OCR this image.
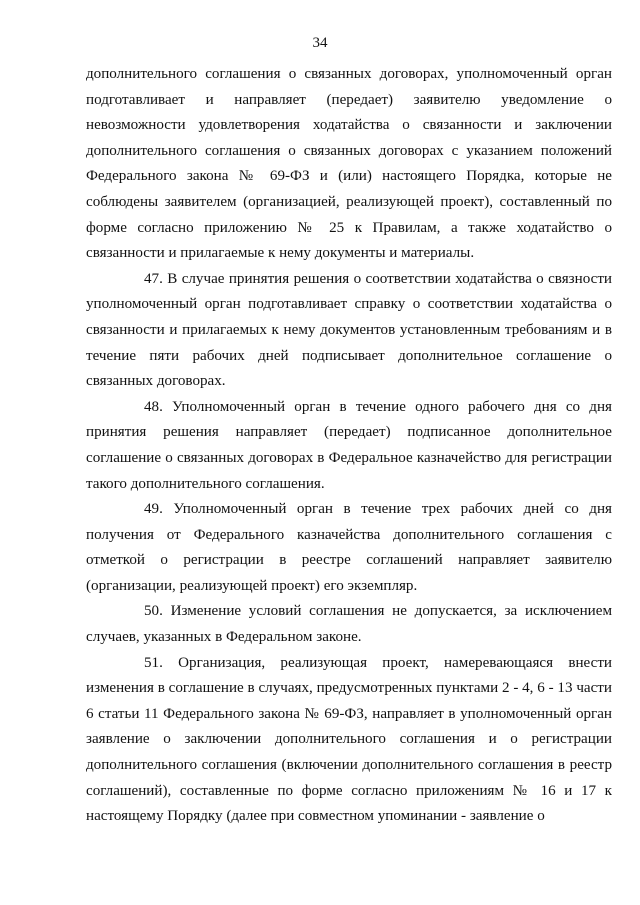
34

дополнительного соглашения о связанных договорах, уполномоченный орган подготавливает и направляет (передает) заявителю уведомление о невозможности удовлетворения ходатайства о связанности и заключении дополнительного соглашения о связанных договорах с указанием положений Федерального закона № 69-ФЗ и (или) настоящего Порядка, которые не соблюдены заявителем (организацией, реализующей проект), составленный по форме согласно приложению № 25 к Правилам, а также ходатайство о связанности и прилагаемые к нему документы и материалы.

47. В случае принятия решения о соответствии ходатайства о связности уполномоченный орган подготавливает справку о соответствии ходатайства о связанности и прилагаемых к нему документов установленным требованиям и в течение пяти рабочих дней подписывает дополнительное соглашение о связанных договорах.

48. Уполномоченный орган в течение одного рабочего дня со дня принятия решения направляет (передает) подписанное дополнительное соглашение о связанных договорах в Федеральное казначейство для регистрации такого дополнительного соглашения.

49. Уполномоченный орган в течение трех рабочих дней со дня получения от Федерального казначейства дополнительного соглашения с отметкой о регистрации в реестре соглашений направляет заявителю (организации, реализующей проект) его экземпляр.

50. Изменение условий соглашения не допускается, за исключением случаев, указанных в Федеральном законе.

51. Организация, реализующая проект, намеревающаяся внести изменения в соглашение в случаях, предусмотренных пунктами 2 - 4, 6 - 13 части 6 статьи 11 Федерального закона № 69-ФЗ, направляет в уполномоченный орган заявление о заключении дополнительного соглашения и о регистрации дополнительного соглашения (включении дополнительного соглашения в реестр соглашений), составленные по форме согласно приложениям № 16 и 17 к настоящему Порядку (далее при совместном упоминании - заявление о
